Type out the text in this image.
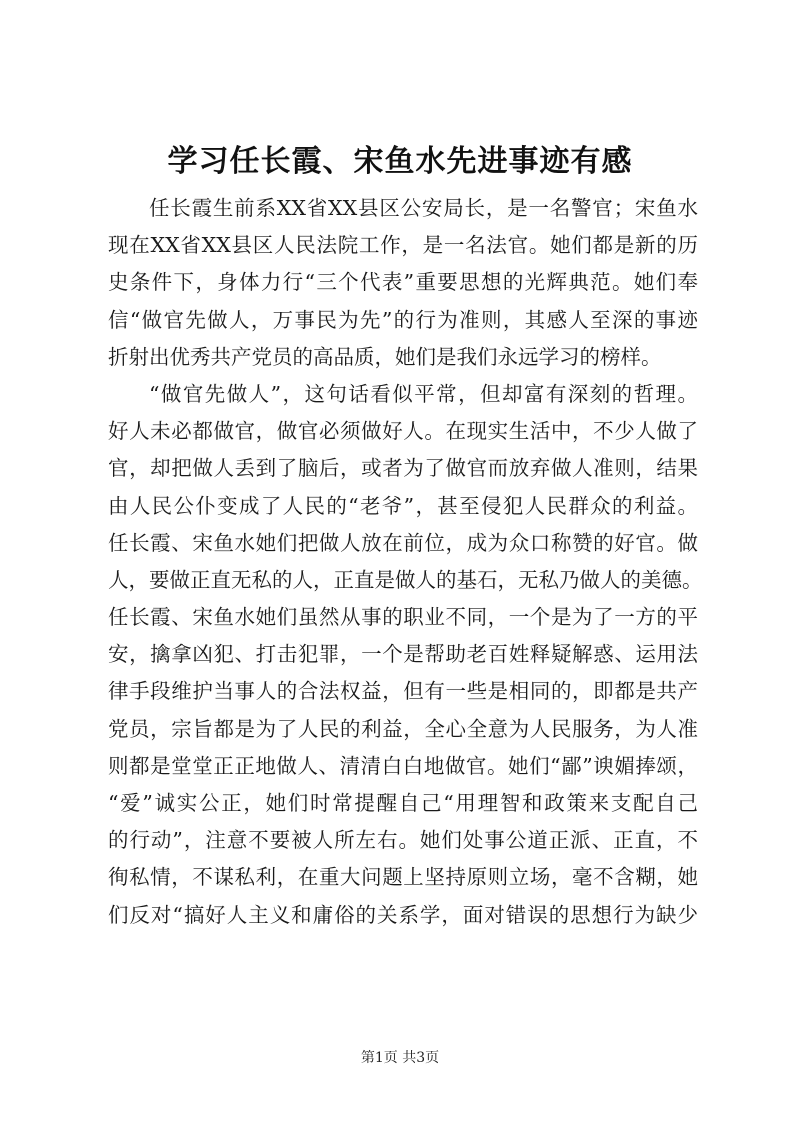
学习任长霞、宋鱼水先进事迹有感
任长霞生前系XX省XX县区公安局长，是一名警官；宋鱼水
现在XX省XX县区人民法院工作，是一名法官。她们都是新的历
史条件下，身体力行“三个代表”重要思想的光辉典范。她们奉
信“做官先做人，万事民为先”的行为准则，其感人至深的事迹
折射出优秀共产党员的高品质，她们是我们永远学习的榜样。
“做官先做人”，这句话看似平常，但却富有深刻的哲理。
好人未必都做官，做官必须做好人。在现实生活中，不少人做了
官，却把做人丢到了脑后，或者为了做官而放弃做人准则，结果
由人民公仆变成了人民的“老爷”，甚至侵犯人民群众的利益。
任长霞、宋鱼水她们把做人放在前位，成为众口称赞的好官。做
人，要做正直无私的人，正直是做人的基石，无私乃做人的美德。
任长霞、宋鱼水她们虽然从事的职业不同，一个是为了一方的平
安，擒拿凶犯、打击犯罪，一个是帮助老百姓释疑解惑、运用法
律手段维护当事人的合法权益，但有一些是相同的，即都是共产
党员，宗旨都是为了人民的利益，全心全意为人民服务，为人准
则都是堂堂正正地做人、清清白白地做官。她们“鄙”谀媚捧颂，
“爱”诚实公正，她们时常提醒自己“用理智和政策来支配自己
的行动”，注意不要被人所左右。她们处事公道正派、正直，不
徇私情，不谋私利，在重大问题上坚持原则立场，毫不含糊，她
们反对“搞好人主义和庸俗的关系学，面对错误的思想行为缺少
第1页 共3页
